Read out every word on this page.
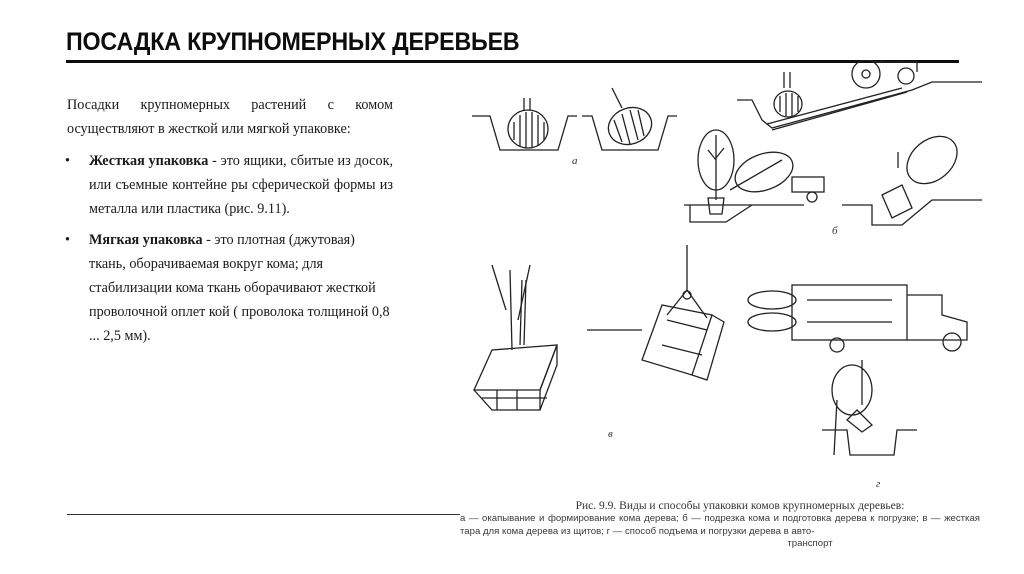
ПОСАДКА КРУПНОМЕРНЫХ ДЕРЕВЬЕВ

Посадки крупномерных растений с комом осуществляют в жесткой или мягкой упаковке:

• Жесткая упаковка - это ящики, сбитые из досок, или съемные контейне ры сферической формы из металла или пластика (рис. 9.11).
• Мягкая упаковка - это плотная (джутовая) ткань, оборачиваемая вокруг кома; для стабилизации кома ткань оборачивают жесткой проволочной оплет кой ( проволока толщиной 0,8 ... 2,5 мм).
а
б
в
г
Рис. 9.9. Виды и способы упаковки комов крупномерных деревьев:
а — окапывание и формирование кома дерева; б — подрезка кома и подготовка дерева к погрузке; в — жесткая тара для кома дерева из щитов; г — способ подъема и погрузки дерева в авто-
транспорт
